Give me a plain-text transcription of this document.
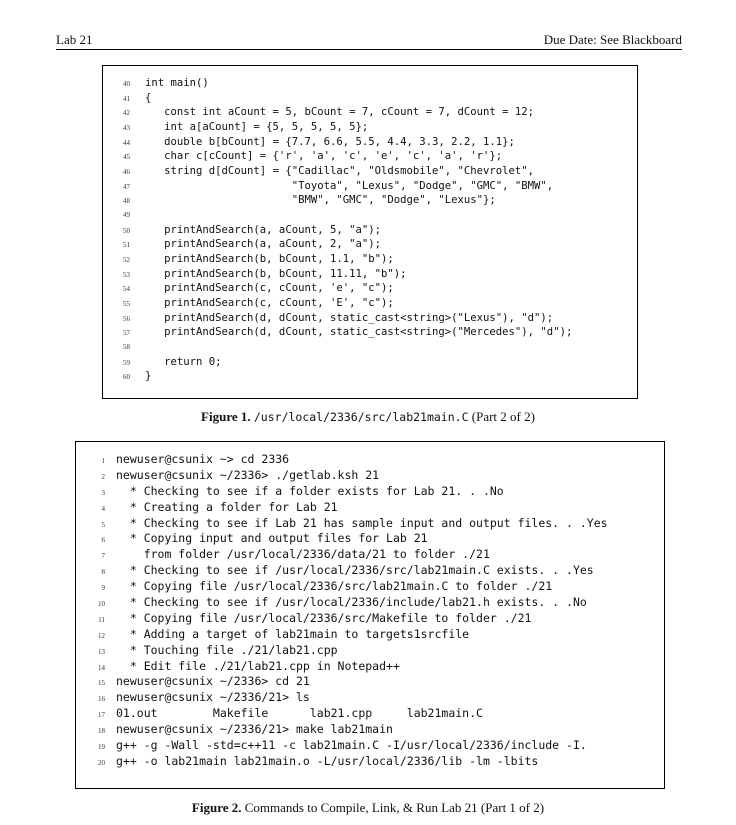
Lab 21	Due Date: See Blackboard
40 int main()
41 {
42 const int aCount = 5, bCount = 7, cCount = 7, dCount = 12;
43 int a[aCount] = {5, 5, 5, 5, 5};
44 double b[bCount] = {7.7, 6.6, 5.5, 4.4, 3.3, 2.2, 1.1};
45 char c[cCount] = {'r', 'a', 'c', 'e', 'c', 'a', 'r'};
46 string d[dCount] = {"Cadillac", "Oldsmobile", "Chevrolet",
47 "Toyota", "Lexus", "Dodge", "GMC", "BMW",
48 "BMW", "GMC", "Dodge", "Lexus"};
49
50 printAndSearch(a, aCount, 5, "a");
51 printAndSearch(a, aCount, 2, "a");
52 printAndSearch(b, bCount, 1.1, "b");
53 printAndSearch(b, bCount, 11.11, "b");
54 printAndSearch(c, cCount, 'e', "c");
55 printAndSearch(c, cCount, 'E', "c");
56 printAndSearch(d, dCount, static_cast<string>("Lexus"), "d");
57 printAndSearch(d, dCount, static_cast<string>("Mercedes"), "d");
58
59 return 0;
60 }
Figure 1. /usr/local/2336/src/lab21main.C (Part 2 of 2)
1 newuser@csunix ~> cd 2336
2 newuser@csunix ~/2336> ./getlab.ksh 21
3 * Checking to see if a folder exists for Lab 21. . .No
4 * Creating a folder for Lab 21
5 * Checking to see if Lab 21 has sample input and output files. . .Yes
6 * Copying input and output files for Lab 21
7 from folder /usr/local/2336/data/21 to folder ./21
8 * Checking to see if /usr/local/2336/src/lab21main.C exists. . .Yes
9 * Copying file /usr/local/2336/src/lab21main.C to folder ./21
10 * Checking to see if /usr/local/2336/include/lab21.h exists. . .No
11 * Copying file /usr/local/2336/src/Makefile to folder ./21
12 * Adding a target of lab21main to targets1srcfile
13 * Touching file ./21/lab21.cpp
14 * Edit file ./21/lab21.cpp in Notepad++
15 newuser@csunix ~/2336> cd 21
16 newuser@csunix ~/2336/21> ls
17 01.out        Makefile      lab21.cpp     lab21main.C
18 newuser@csunix ~/2336/21> make lab21main
19 g++ -g -Wall -std=c++11 -c lab21main.C -I/usr/local/2336/include -I.
20 g++ -o lab21main lab21main.o -L/usr/local/2336/lib -lm -lbits
Figure 2. Commands to Compile, Link, & Run Lab 21 (Part 1 of 2)
